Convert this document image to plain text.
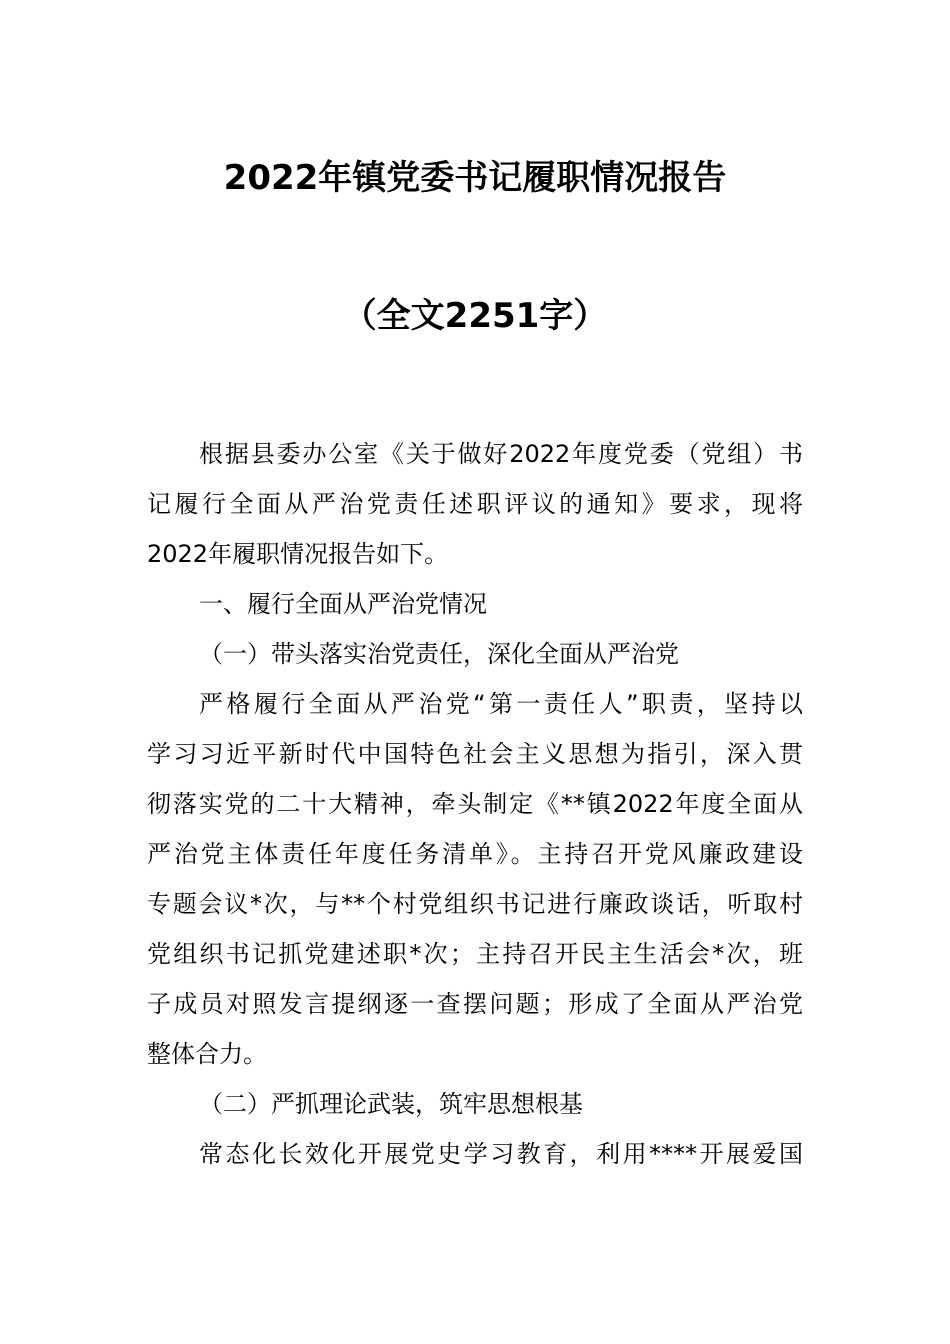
2022年镇党委书记履职情况报告
（全文2251字）
根据县委办公室《关于做好2022年度党委（党组）书
记履行全面从严治党责任述职评议的通知》要求，现将
2022年履职情况报告如下。
一、履行全面从严治党情况
（一）带头落实治党责任，深化全面从严治党
严格履行全面从严治党“第一责任人”职责，坚持以
学习习近平新时代中国特色社会主义思想为指引，深入贯
彻落实党的二十大精神，牵头制定《**镇2022年度全面从
严治党主体责任年度任务清单》。主持召开党风廉政建设
专题会议*次，与**个村党组织书记进行廉政谈话，听取村
党组织书记抓党建述职*次；主持召开民主生活会*次，班
子成员对照发言提纲逐一查摆问题；形成了全面从严治党
整体合力。
（二）严抓理论武装，筑牢思想根基
常态化长效化开展党史学习教育，利用****开展爱国
